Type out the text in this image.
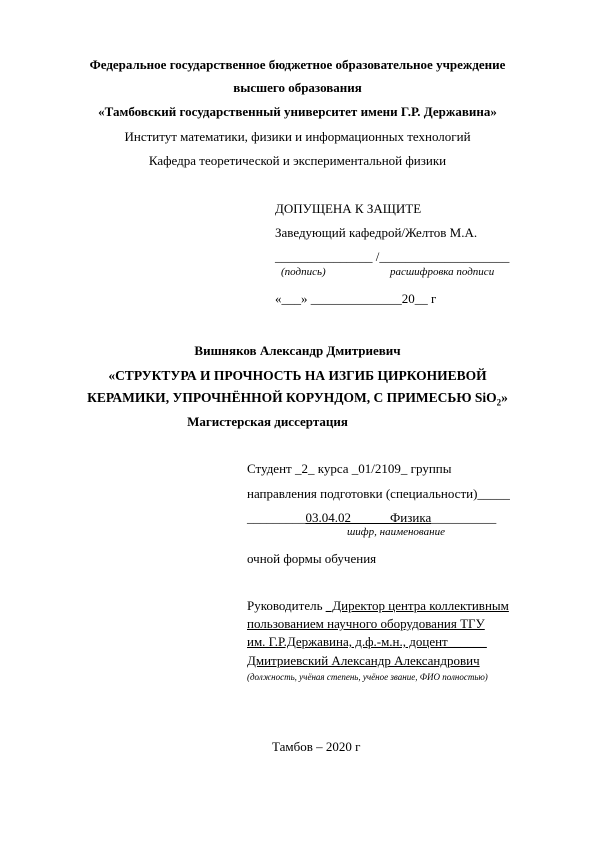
Федеральное государственное бюджетное образовательное учреждение
высшего образования
«Тамбовский государственный университет имени Г.Р. Державина»
Институт математики, физики и информационных технологий
Кафедра теоретической и экспериментальной физики
ДОПУЩЕНА К ЗАЩИТЕ
Заведующий кафедрой/Желтов М.А.
_______________ /____________________
(подпись)	расшифровка подписи
«___» ______________20__ г
Вишняков Александр Дмитриевич
«СТРУКТУРА И ПРОЧНОСТЬ НА ИЗГИБ ЦИРКОНИЕВОЙ
КЕРАМИКИ, УПРОЧНЁННОЙ КОРУНДОМ, С ПРИМЕСЬЮ SiO$_2$»
Магистерская диссертация
Студент _2_ курса _01/2109_ группы
направления подготовки (специальности)_____
_________03.04.02	Физика__________
шифр, наименование
очной формы обучения
Руководитель _Директор центра коллективным
пользованием научного оборудования ТГУ
им. Г.Р.Державина, д.ф.-м.н., доцент______
Дмитриевский Александр Александрович
(должность, учёная степень, учёное звание, ФИО полностью)
Тамбов – 2020 г
